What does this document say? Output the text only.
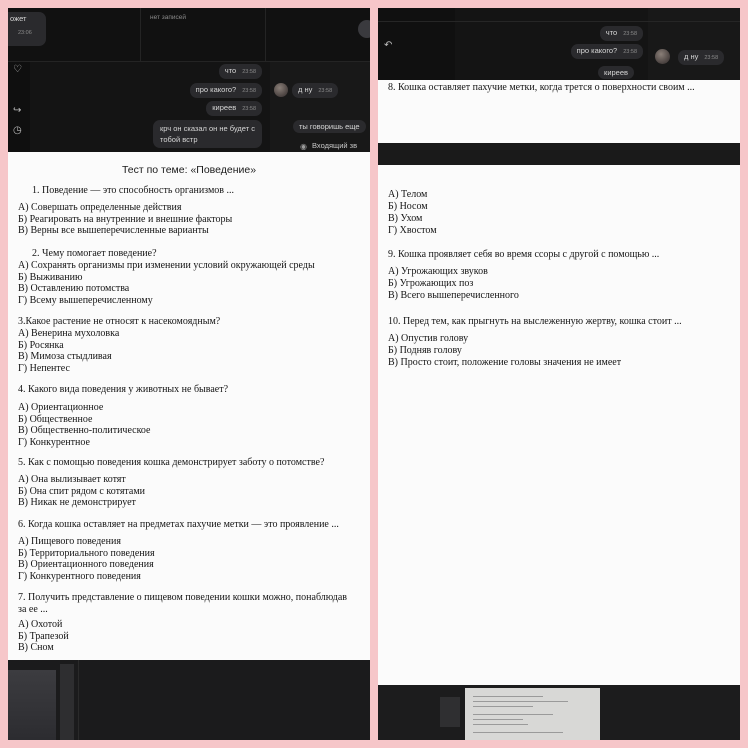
ожет
23:06
нет записей
♡
↪
◷
что 23:58
про какого? 23:58
киреев 23:58
крч он сказал он не будет с
тобой встр
д ну 23:58
ты говоришь еще
◉ Входящий зв
Тест по теме: «Поведение»
1. Поведение — это способность организмов ...
А) Совершать определенные действия
Б) Реагировать на внутренние и внешние факторы
В) Верны все вышеперечисленные варианты
2. Чему помогает поведение?
А) Сохранять организмы при изменении условий окружающей среды
Б) Выживанию
В) Оставлению потомства
Г) Всему вышеперечисленному
3.Какое растение не относят к насекомоядным?
А) Венерина мухоловка
Б) Росянка
В) Мимоза стыдливая
Г) Непентес
4. Какого вида поведения у животных не бывает?
А) Ориентационное
Б) Общественное
В) Общественно-политическое
Г) Конкурентное
5. Как с помощью поведения кошка демонстрирует заботу о потомстве?
А) Она вылизывает котят
Б) Она спит рядом с котятами
В) Никак не демонстрирует
6. Когда кошка оставляет на предметах пахучие метки — это проявление ...
А) Пищевого поведения
Б) Территориального поведения
В) Ориентационного поведения
Г) Конкурентного поведения
7. Получить представление о пищевом поведении кошки можно, понаблюдав
за ее ...
А) Охотой
Б) Трапезой
В) Сном
↶
что 23:58
про какого? 23:58
киреев
д ну 23:58
8. Кошка оставляет пахучие метки, когда трется о поверхности своим ...
А) Телом
Б) Носом
В) Ухом
Г) Хвостом
9. Кошка проявляет себя во время ссоры с другой с помощью ...
А) Угрожающих звуков
Б) Угрожающих поз
В) Всего вышеперечисленного
10. Перед тем, как прыгнуть на выслеженную жертву, кошка стоит ...
А) Опустив голову
Б) Подняв голову
В) Просто стоит, положение головы значения не имеет
